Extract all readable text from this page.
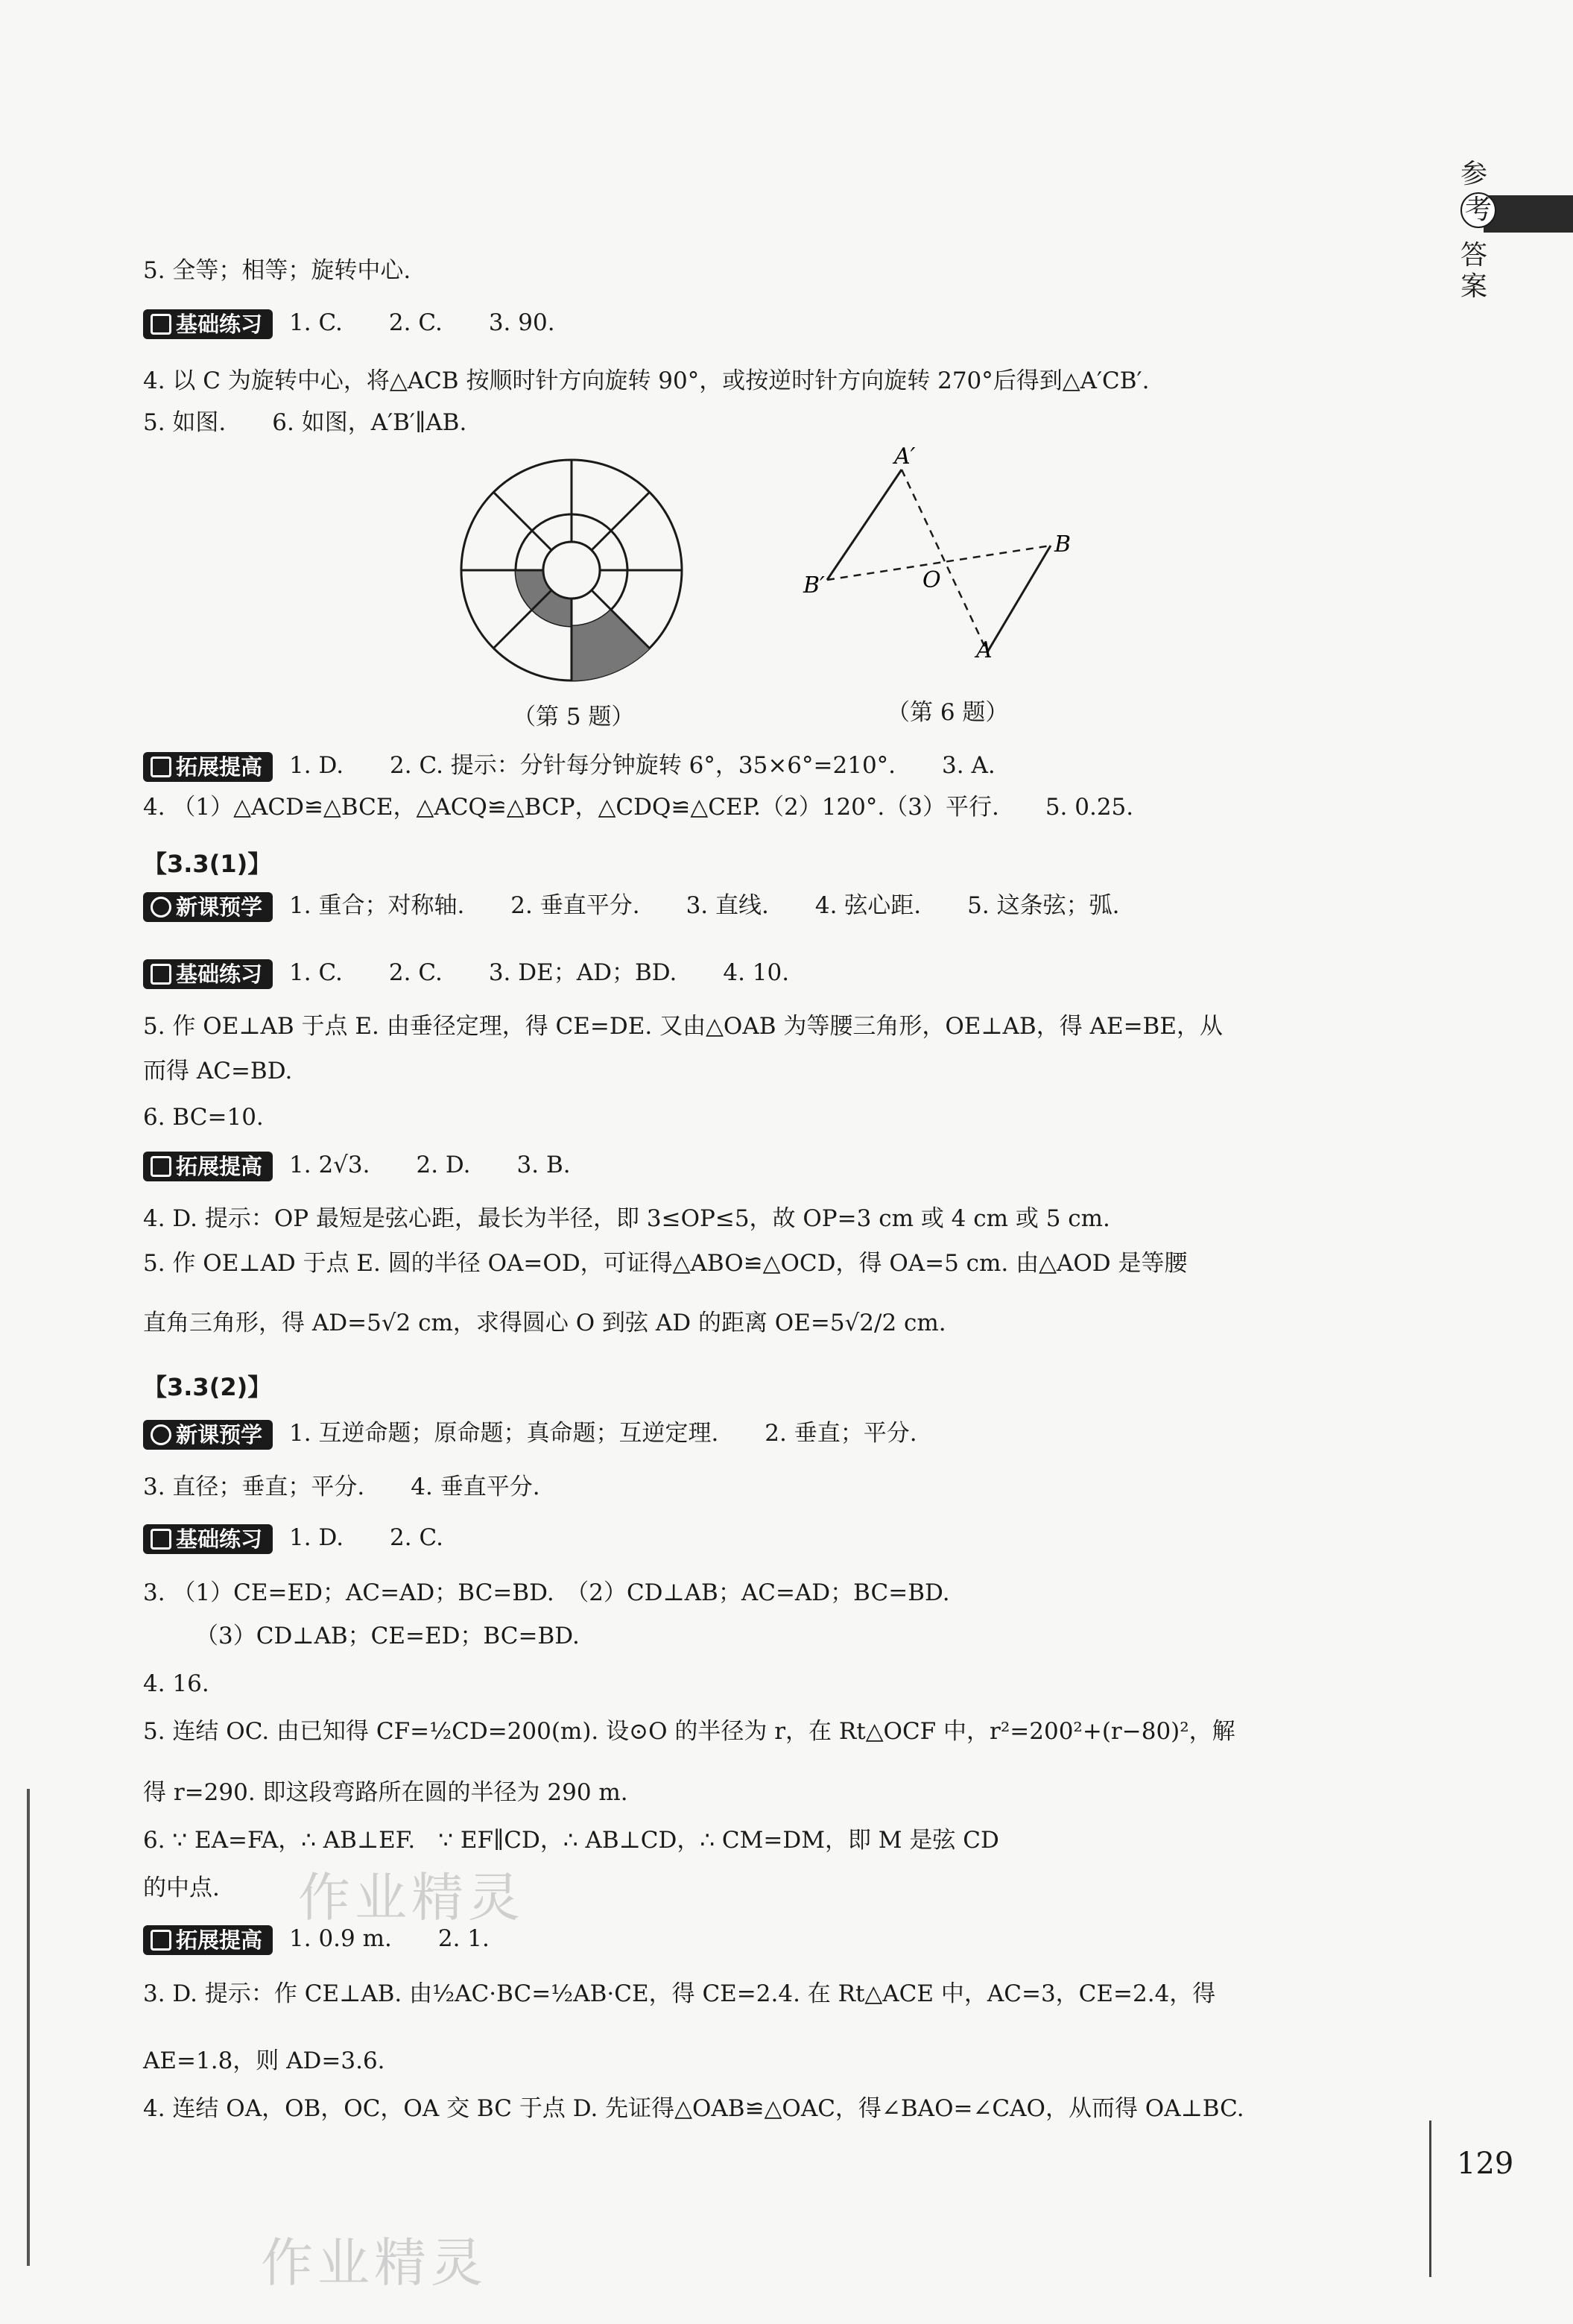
参
考
答
案
5. 全等；相等；旋转中心.
基础练习 1. C.　　2. C.　　3. 90.
4. 以 C 为旋转中心，将△ACB 按顺时针方向旋转 90°，或按逆时针方向旋转 270°后得到△A′CB′.
5. 如图.　　6. 如图，A′B′∥AB.
（第 5 题）
A′
B′
B
A
O
（第 6 题）
拓展提高 1. D.　　2. C. 提示：分针每分钟旋转 6°，35×6°=210°.　　3. A.
4. （1）△ACD≌△BCE，△ACQ≌△BCP，△CDQ≌△CEP.（2）120°.（3）平行.　　5. 0.25.
【3.3(1)】
新课预学 1. 重合；对称轴.　　2. 垂直平分.　　3. 直线.　　4. 弦心距.　　5. 这条弦；弧.
基础练习 1. C.　　2. C.　　3. DE；AD；BD.　　4. 10.
5. 作 OE⊥AB 于点 E. 由垂径定理，得 CE=DE. 又由△OAB 为等腰三角形，OE⊥AB，得 AE=BE，从
而得 AC=BD.
6. BC=10.
拓展提高 1. 2√3.　　2. D.　　3. B.
4. D. 提示：OP 最短是弦心距，最长为半径，即 3≤OP≤5，故 OP=3 cm 或 4 cm 或 5 cm.
5. 作 OE⊥AD 于点 E. 圆的半径 OA=OD，可证得△ABO≌△OCD，得 OA=5 cm. 由△AOD 是等腰
直角三角形，得 AD=5√2 cm，求得圆心 O 到弦 AD 的距离 OE=5√2/2 cm.
【3.3(2)】
新课预学 1. 互逆命题；原命题；真命题；互逆定理.　　2. 垂直；平分.
3. 直径；垂直；平分.　　4. 垂直平分.
基础练习 1. D.　　2. C.
3. （1）CE=ED；AC=AD；BC=BD.　（2）CD⊥AB；AC=AD；BC=BD.
（3）CD⊥AB；CE=ED；BC=BD.
4. 16.
5. 连结 OC. 由已知得 CF=½CD=200(m). 设⊙O 的半径为 r，在 Rt△OCF 中，r²=200²+(r−80)²，解
得 r=290. 即这段弯路所在圆的半径为 290 m.
6. ∵ EA=FA，∴ AB⊥EF.　∵ EF∥CD，∴ AB⊥CD，∴ CM=DM，即 M 是弦 CD
的中点.
拓展提高 1. 0.9 m.　　2. 1.
3. D. 提示：作 CE⊥AB. 由½AC·BC=½AB·CE，得 CE=2.4. 在 Rt△ACE 中，AC=3，CE=2.4，得
AE=1.8，则 AD=3.6.
4. 连结 OA，OB，OC，OA 交 BC 于点 D. 先证得△OAB≌△OAC，得∠BAO=∠CAO，从而得 OA⊥BC.
129
作业精灵
作业精灵
